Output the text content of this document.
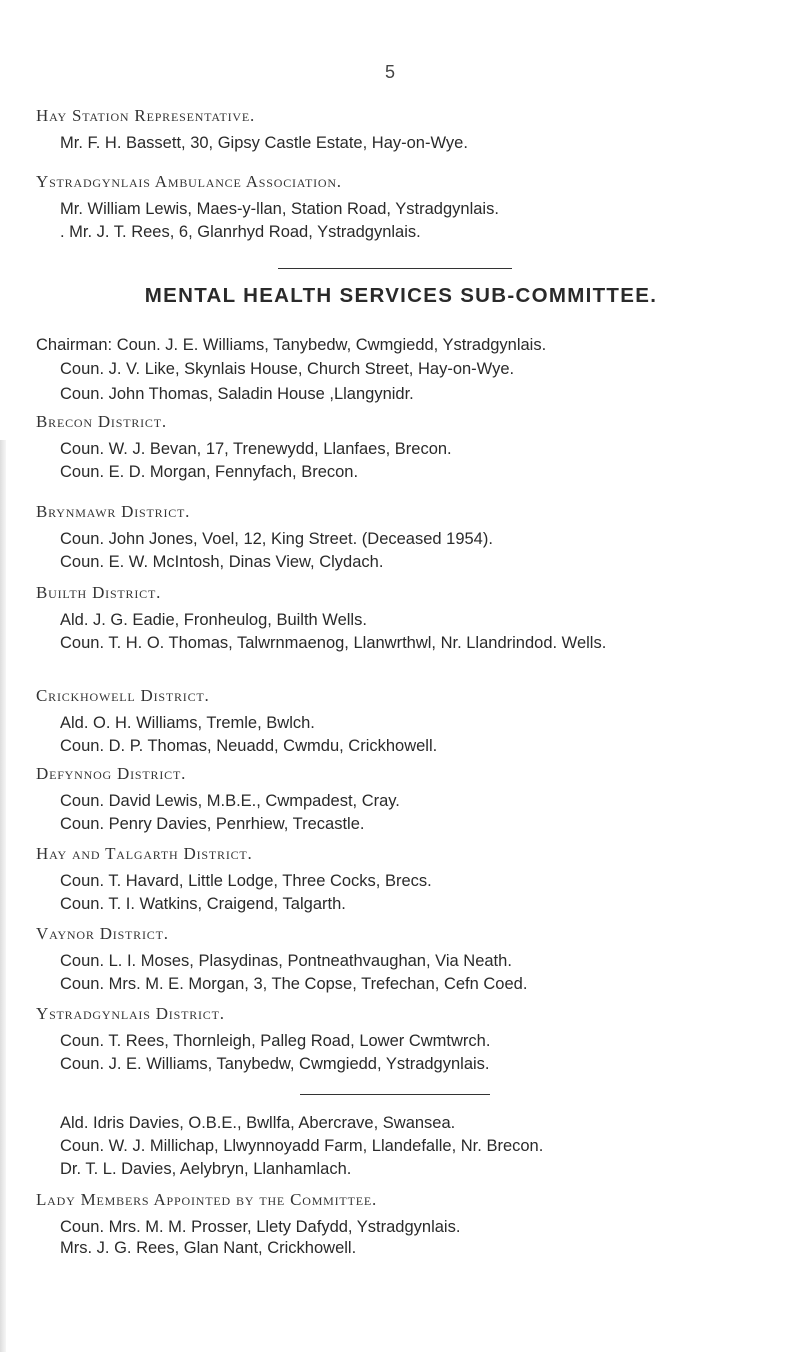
5
Hay Station Representative.
Mr. F. H. Bassett, 30, Gipsy Castle Estate, Hay-on-Wye.
Ystradgynlais Ambulance Association.
Mr. William Lewis, Maes-y-llan, Station Road, Ystradgynlais.
. Mr. J. T. Rees, 6, Glanrhyd Road, Ystradgynlais.
MENTAL HEALTH SERVICES SUB-COMMITTEE.
Chairman: Coun. J. E. Williams, Tanybedw, Cwmgiedd, Ystradgynlais.
Coun. J. V. Like, Skynlais House, Church Street, Hay-on-Wye.
Coun. John Thomas, Saladin House ,Llangynidr.
Brecon District.
Coun. W. J. Bevan, 17, Trenewydd, Llanfaes, Brecon.
Coun. E. D. Morgan, Fennyfach, Brecon.
Brynmawr District.
Coun. John Jones, Voel, 12, King Street. (Deceased 1954).
Coun. E. W. McIntosh, Dinas View, Clydach.
Builth District.
Ald. J. G. Eadie, Fronheulog, Builth Wells.
Coun. T. H. O. Thomas, Talwrnmaenog, Llanwrthwl, Nr. Llandrindod. Wells.
Crickhowell District.
Ald. O. H. Williams, Tremle, Bwlch.
Coun. D. P. Thomas, Neuadd, Cwmdu, Crickhowell.
Defynnog District.
Coun. David Lewis, M.B.E., Cwmpadest, Cray.
Coun. Penry Davies, Penrhiew, Trecastle.
Hay and Talgarth District.
Coun. T. Havard, Little Lodge, Three Cocks, Brecs.
Coun. T. I. Watkins, Craigend, Talgarth.
Vaynor District.
Coun. L. I. Moses, Plasydinas, Pontneathvaughan, Via Neath.
Coun. Mrs. M. E. Morgan, 3, The Copse, Trefechan, Cefn Coed.
Ystradgynlais District.
Coun. T. Rees, Thornleigh, Palleg Road, Lower Cwmtwrch.
Coun. J. E. Williams, Tanybedw, Cwmgiedd, Ystradgynlais.
Ald. Idris Davies, O.B.E., Bwllfa, Abercrave, Swansea.
Coun. W. J. Millichap, Llwynnoyadd Farm, Llandefalle, Nr. Brecon.
Dr. T. L. Davies, Aelybryn, Llanhamlach.
Lady Members Appointed by the Committee.
Coun. Mrs. M. M. Prosser, Llety Dafydd, Ystradgynlais.
Mrs. J. G. Rees, Glan Nant, Crickhowell.
